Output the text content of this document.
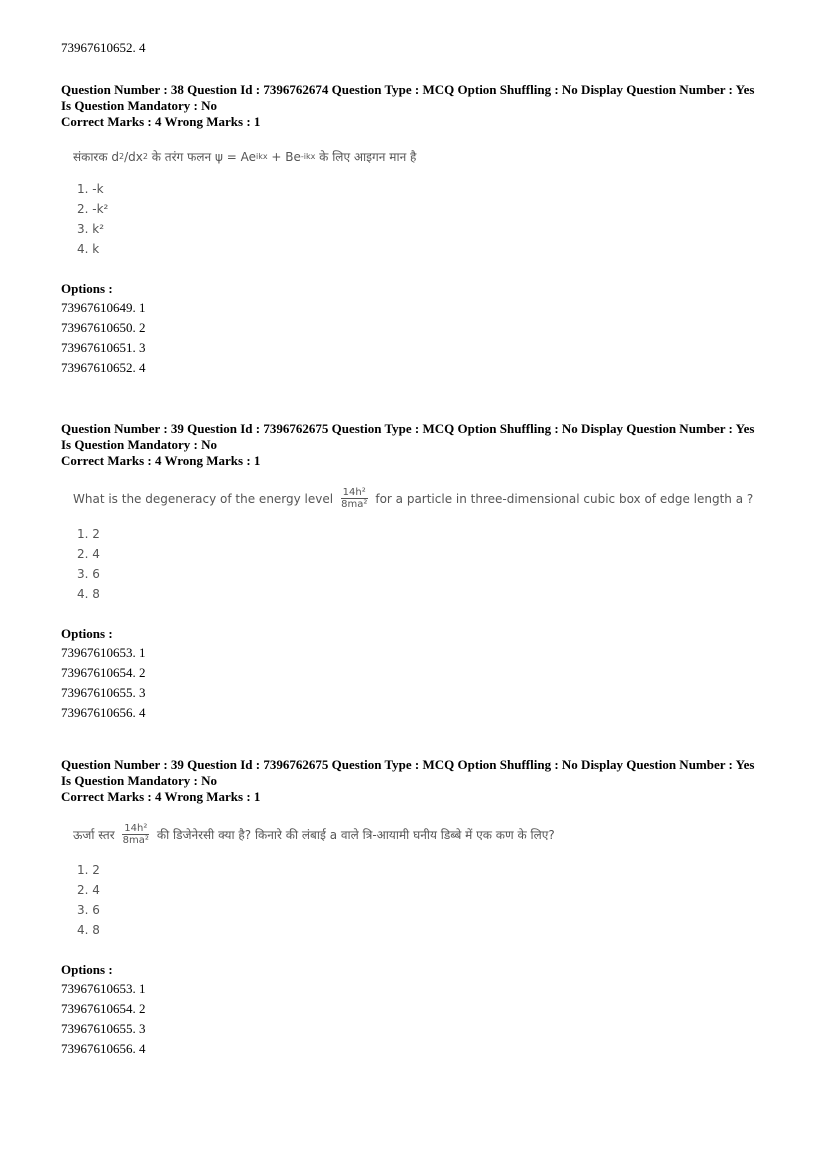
73967610652. 4
Question Number : 38 Question Id : 7396762674 Question Type : MCQ Option Shuffling : No Display Question Number : Yes
Is Question Mandatory : No
Correct Marks : 4 Wrong Marks : 1
संकारक d 2 /dx 2 के तरंग फलन ψ = Ae ikx + Be -ikx के लिए आइगन मान है
1. -k
2. -k²
3. k²
4. k
Options :
73967610649. 1
73967610650. 2
73967610651. 3
73967610652. 4
Question Number : 39 Question Id : 7396762675 Question Type : MCQ Option Shuffling : No Display Question Number : Yes
Is Question Mandatory : No
Correct Marks : 4 Wrong Marks : 1
What is the degeneracy of the energy level $\frac{\text{14h²}}{\text{8ma²}}$ for a particle in three-dimensional cubic box of edge length a ?
1. 2
2. 4
3. 6
4. 8
Options :
73967610653. 1
73967610654. 2
73967610655. 3
73967610656. 4
Question Number : 39 Question Id : 7396762675 Question Type : MCQ Option Shuffling : No Display Question Number : Yes
Is Question Mandatory : No
Correct Marks : 4 Wrong Marks : 1
ऊर्जा स्तर $\frac{\text{14h²}}{\text{8ma²}}$ की डिजेनेरसी क्या है? किनारे की लंबाई a वाले त्रि-आयामी घनीय डिब्बे में एक कण के लिए?
1. 2
2. 4
3. 6
4. 8
Options :
73967610653. 1
73967610654. 2
73967610655. 3
73967610656. 4
